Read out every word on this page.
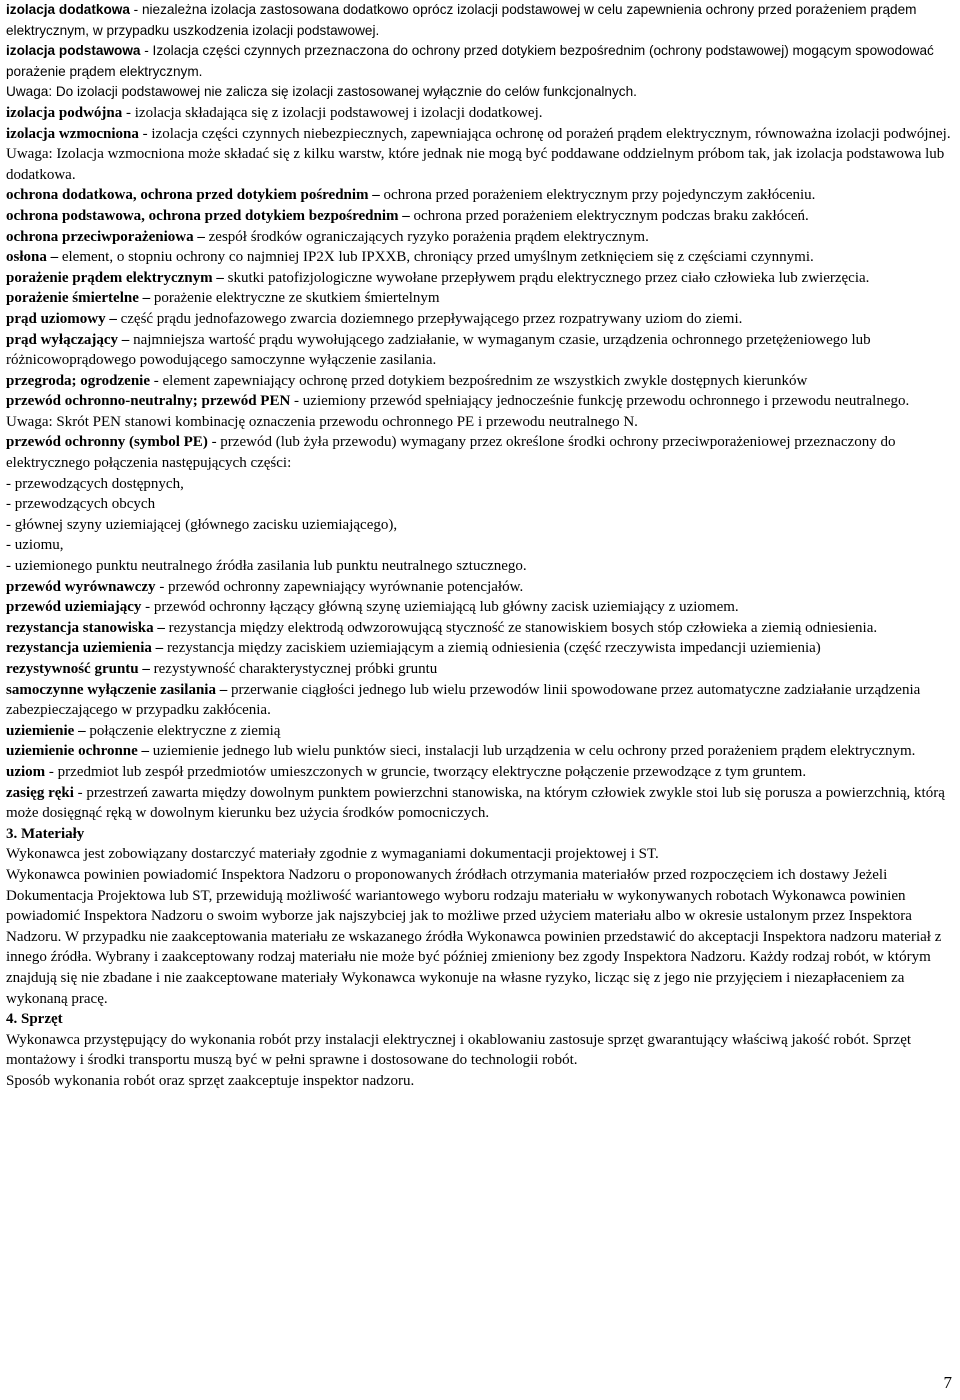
izolacja dodatkowa - niezależna izolacja zastosowana dodatkowo oprócz izolacji podstawowej w celu zapewnienia ochrony przed porażeniem prądem elektrycznym, w przypadku uszkodzenia izolacji podstawowej.

izolacja podstawowa - Izolacja części czynnych przeznaczona do ochrony przed dotykiem bezpośrednim (ochrony podstawowej) mogącym spowodować porażenie prądem elektrycznym.

Uwaga: Do izolacji podstawowej nie zalicza się izolacji zastosowanej wyłącznie do celów funkcjonalnych.

izolacja podwójna - izolacja składająca się z izolacji podstawowej i izolacji dodatkowej.

izolacja wzmocniona - izolacja części czynnych niebezpiecznych, zapewniająca ochronę od porażeń prądem elektrycznym, równoważna izolacji podwójnej.

Uwaga: Izolacja wzmocniona może składać się z kilku warstw, które jednak nie mogą być poddawane oddzielnym próbom tak, jak izolacja podstawowa lub dodatkowa.

ochrona dodatkowa, ochrona przed dotykiem pośrednim – ochrona przed porażeniem elektrycznym przy pojedynczym zakłóceniu.

ochrona podstawowa, ochrona przed dotykiem bezpośrednim – ochrona przed porażeniem elektrycznym podczas braku zakłóceń.

ochrona przeciwporażeniowa – zespół środków ograniczających ryzyko porażenia prądem elektrycznym.

osłona – element, o stopniu ochrony co najmniej IP2X lub IPXXB, chroniący przed umyślnym zetknięciem się z częściami czynnymi.

porażenie prądem elektrycznym – skutki patofizjologiczne wywołane przepływem prądu elektrycznego przez ciało człowieka lub zwierzęcia.

porażenie śmiertelne – porażenie elektryczne ze skutkiem śmiertelnym

prąd uziomowy – część prądu jednofazowego zwarcia doziemnego przepływającego przez rozpatrywany uziom do ziemi.

prąd wyłączający – najmniejsza wartość prądu wywołującego zadziałanie, w wymaganym czasie, urządzenia ochronnego przetężeniowego lub różnicowoprądowego powodującego samoczynne wyłączenie zasilania.

przegroda; ogrodzenie - element zapewniający ochronę przed dotykiem bezpośrednim ze wszystkich zwykle dostępnych kierunków

przewód ochronno-neutralny; przewód PEN - uziemiony przewód spełniający jednocześnie funkcję przewodu ochronnego i przewodu neutralnego.

Uwaga: Skrót PEN stanowi kombinację oznaczenia przewodu ochronnego PE i przewodu neutralnego N.

przewód ochronny (symbol PE) - przewód (lub żyła przewodu) wymagany przez określone środki ochrony przeciwporażeniowej przeznaczony do elektrycznego połączenia następujących części:

- przewodzących dostępnych,

- przewodzących obcych

- głównej szyny uziemiającej (głównego zacisku uziemiającego),

- uziomu,

- uziemionego punktu neutralnego źródła zasilania lub punktu neutralnego sztucznego.

przewód wyrównawczy - przewód ochronny zapewniający wyrównanie potencjałów.

przewód uziemiający - przewód ochronny łączący główną szynę uziemiającą lub główny zacisk uziemiający z uziomem.

rezystancja stanowiska – rezystancja między elektrodą odwzorowującą styczność ze stanowiskiem bosych stóp człowieka a ziemią odniesienia.

rezystancja uziemienia – rezystancja między zaciskiem uziemiającym a ziemią odniesienia (część rzeczywista impedancji uziemienia)

rezystywność gruntu – rezystywność charakterystycznej próbki gruntu

samoczynne wyłączenie zasilania – przerwanie ciągłości jednego lub wielu przewodów linii spowodowane przez automatyczne zadziałanie urządzenia zabezpieczającego w przypadku zakłócenia.

uziemienie – połączenie elektryczne z ziemią

uziemienie ochronne – uziemienie jednego lub wielu punktów sieci, instalacji lub urządzenia w celu ochrony przed porażeniem prądem elektrycznym.

uziom - przedmiot lub zespół przedmiotów umieszczonych w gruncie, tworzący elektryczne połączenie przewodzące z tym gruntem.

zasięg ręki - przestrzeń zawarta między dowolnym punktem powierzchni stanowiska, na którym człowiek zwykle stoi lub się porusza a powierzchnią, którą może dosięgnąć ręką w dowolnym kierunku bez użycia środków pomocniczych.

3. Materiały

Wykonawca jest zobowiązany dostarczyć materiały zgodnie z wymaganiami dokumentacji projektowej i ST.

Wykonawca powinien powiadomić Inspektora Nadzoru o proponowanych źródłach otrzymania materiałów przed rozpoczęciem ich dostawy Jeżeli Dokumentacja Projektowa lub ST, przewidują możliwość wariantowego wyboru rodzaju materiału w wykonywanych robotach Wykonawca powinien powiadomić Inspektora Nadzoru o swoim wyborze jak najszybciej jak to możliwe przed użyciem materiału albo w okresie ustalonym przez Inspektora Nadzoru. W przypadku nie zaakceptowania materiału ze wskazanego źródła Wykonawca powinien przedstawić do akceptacji Inspektora nadzoru materiał z innego źródła. Wybrany i zaakceptowany rodzaj materiału nie może być później zmieniony bez zgody Inspektora Nadzoru. Każdy rodzaj robót, w którym znajdują się nie zbadane i nie zaakceptowane materiały Wykonawca wykonuje na własne ryzyko, licząc się z jego nie przyjęciem i niezapłaceniem za wykonaną pracę.

4. Sprzęt

Wykonawca przystępujący do wykonania robót przy instalacji elektrycznej i okablowaniu zastosuje sprzęt gwarantujący właściwą jakość robót. Sprzęt montażowy i środki transportu muszą być w pełni sprawne i dostosowane do technologii robót.

Sposób wykonania robót oraz sprzęt zaakceptuje inspektor nadzoru.

7
